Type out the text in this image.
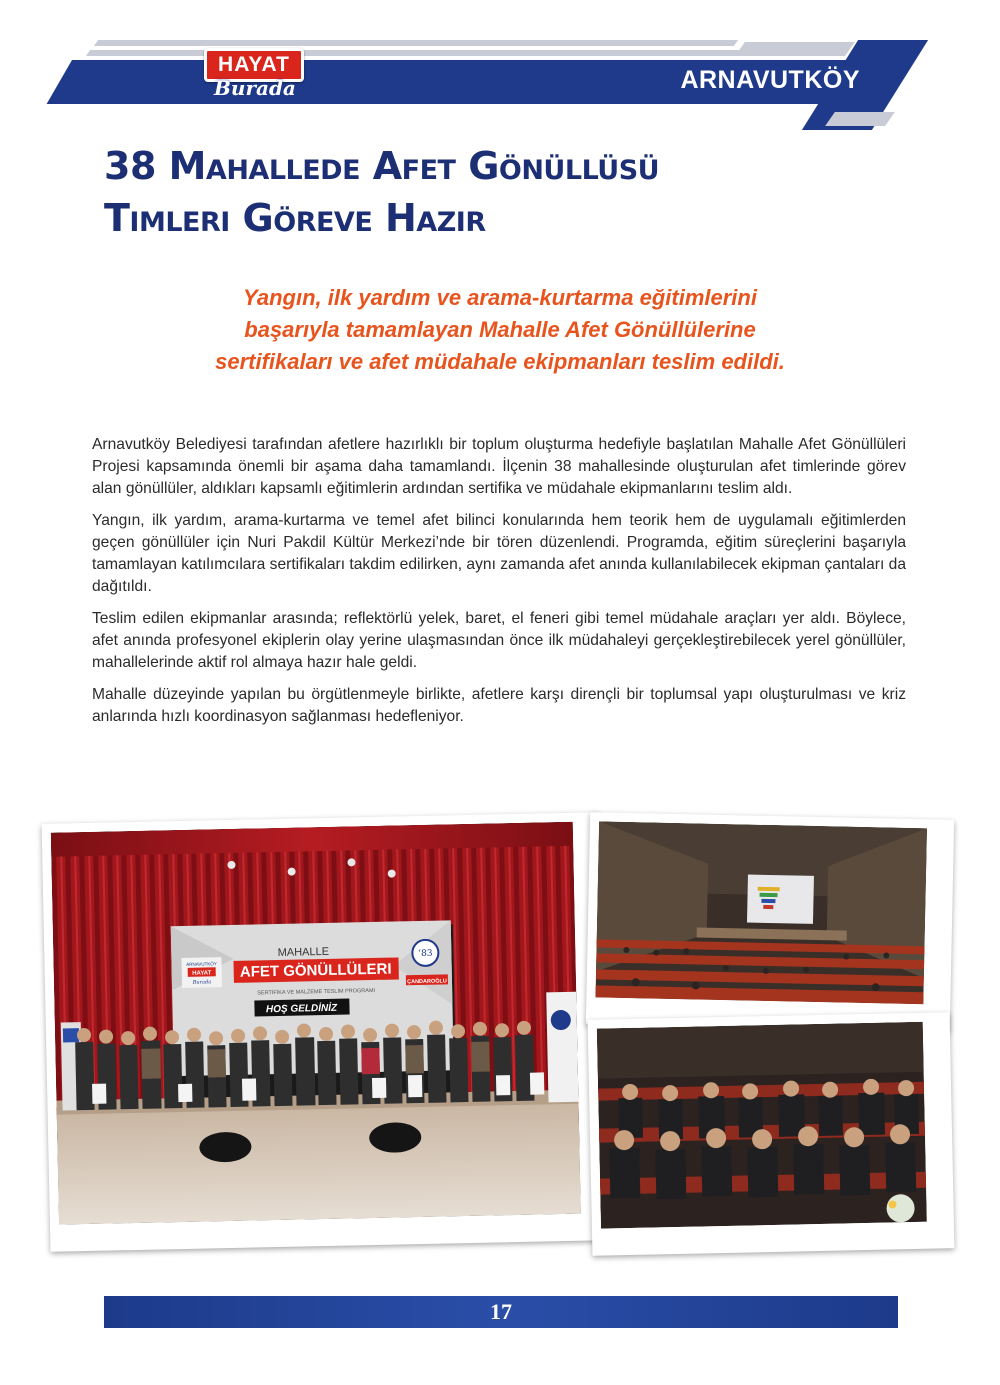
ARNAVUTKÖY
HAYAT
Burada
38 Mahallede Afet Gönüllüsü
Timleri Göreve Hazır

Yangın, ilk yardım ve arama-kurtarma eğitimlerini
başarıyla tamamlayan Mahalle Afet Gönüllülerine
sertifikaları ve afet müdahale ekipmanları teslim edildi.

Arnavutköy Belediyesi tarafından afetlere hazırlıklı bir toplum oluşturma hedefiyle başlatılan Mahalle Afet Gönüllüleri Projesi kapsamında önemli bir aşama daha tamamlandı. İlçenin 38 mahallesinde oluşturulan afet timlerinde görev alan gönüllüler, aldıkları kapsamlı eğitimlerin ardından sertifika ve müdahale ekipmanlarını teslim aldı.

Yangın, ilk yardım, arama-kurtarma ve temel afet bilinci konularında hem teorik hem de uygulamalı eğitimlerden geçen gönüllüler için Nuri Pakdil Kültür Merkezi’nde bir tören düzenlendi. Programda, eğitim süreçlerini başarıyla tamamlayan katılımcılara sertifikaları takdim edilirken, aynı zamanda afet anında kullanılabilecek ekipman çantaları da dağıtıldı.

Teslim edilen ekipmanlar arasında; reflektörlü yelek, baret, el feneri gibi temel müdahale araçları yer aldı. Böylece, afet anında profesyonel ekiplerin olay yerine ulaşmasından önce ilk müdahaleyi gerçekleştirebilecek yerel gönüllüler, mahallelerinde aktif rol almaya hazır hale geldi.

Mahalle düzeyinde yapılan bu örgütlenmeyle birlikte, afetlere karşı dirençli bir toplumsal yapı oluşturulması ve kriz anlarında hızlı koordinasyon sağlanması hedefleniyor.

MAHALLE
AFET GÖNÜLLÜLERI
SERTİFİKA VE MALZEME TESLİM PROGRAMI
HOŞ GELDİNİZ
ARNAVUTKÖY
HAYAT
Burada
ʻ83
ÇANDAROĞLU
17
